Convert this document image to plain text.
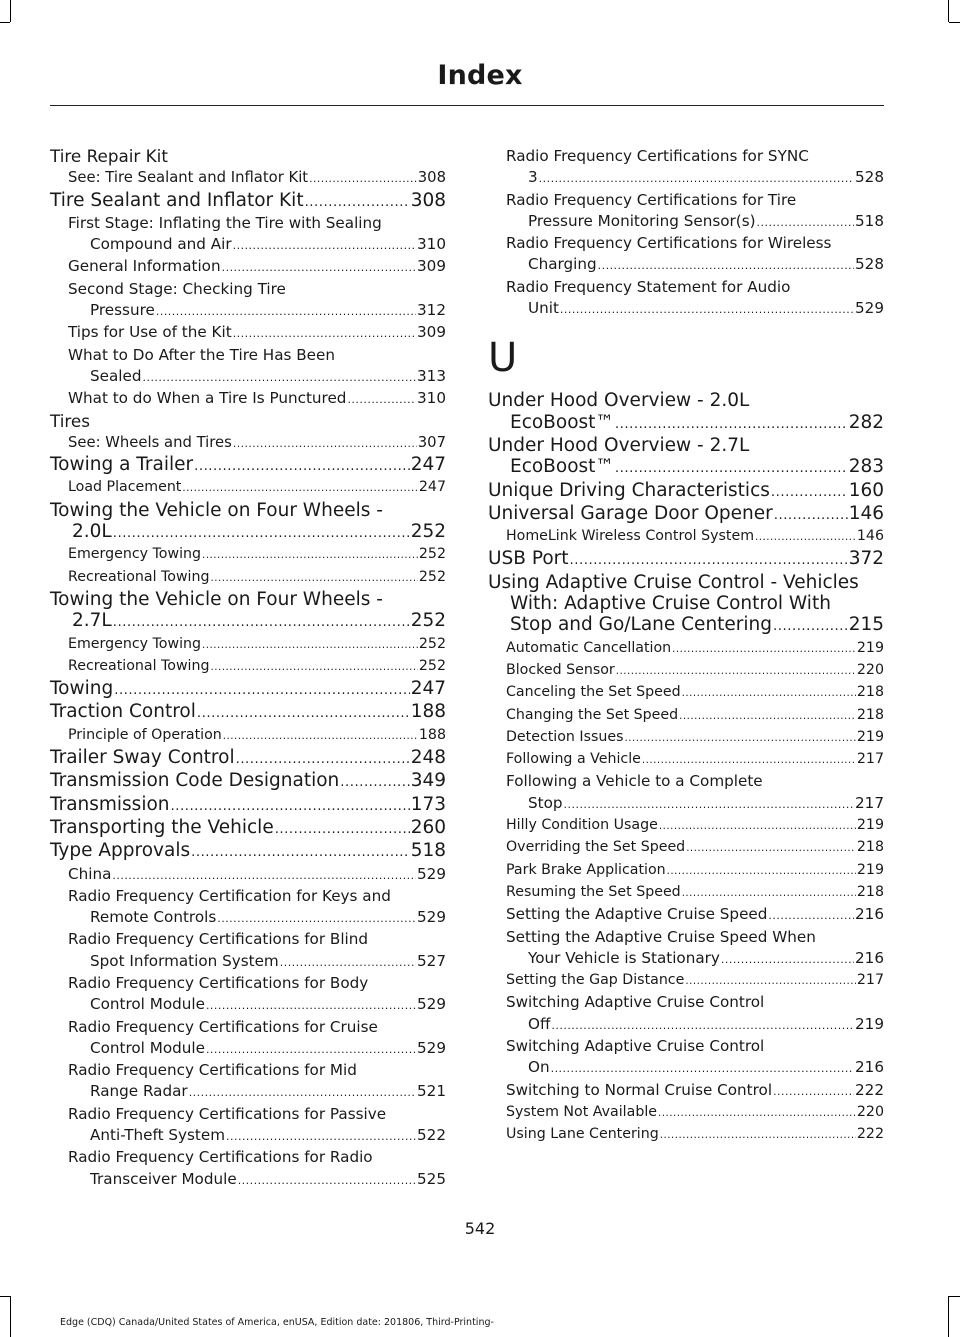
Index
Tire Repair Kit
See: Tire Sealant and Inflator Kit .....	308
Tire Sealant and Inflator Kit .....	308
First Stage: Inflating the Tire with Sealing
Compound and Air .....	310
General Information .....	309
Second Stage: Checking Tire
Pressure .....	312
Tips for Use of the Kit .....	309
What to Do After the Tire Has Been
Sealed .....	313
What to do When a Tire Is Punctured .....	310
Tires
See: Wheels and Tires .....	307
Towing a Trailer .....	247
Load Placement .....	247
Towing the Vehicle on Four Wheels -
2.0L .....	252
Emergency Towing .....	252
Recreational Towing .....	252
Towing the Vehicle on Four Wheels -
2.7L .....	252
Emergency Towing .....	252
Recreational Towing .....	252
Towing .....	247
Traction Control .....	188
Principle of Operation .....	188
Trailer Sway Control .....	248
Transmission Code Designation .....	349
Transmission .....	173
Transporting the Vehicle .....	260
Type Approvals .....	518
China .....	529
Radio Frequency Certification for Keys and
Remote Controls .....	529
Radio Frequency Certifications for Blind
Spot Information System .....	527
Radio Frequency Certifications for Body
Control Module .....	529
Radio Frequency Certifications for Cruise
Control Module .....	529
Radio Frequency Certifications for Mid
Range Radar .....	521
Radio Frequency Certifications for Passive
Anti-Theft System .....	522
Radio Frequency Certifications for Radio
Transceiver Module .....	525
Radio Frequency Certifications for SYNC
3 .....	528
Radio Frequency Certifications for Tire
Pressure Monitoring Sensor(s) .....	518
Radio Frequency Certifications for Wireless
Charging .....	528
Radio Frequency Statement for Audio
Unit .....	529
U
Under Hood Overview - 2.0L
EcoBoost™ .....	282
Under Hood Overview - 2.7L
EcoBoost™ .....	283
Unique Driving Characteristics .....	160
Universal Garage Door Opener .....	146
HomeLink Wireless Control System .....	146
USB Port .....	372
Using Adaptive Cruise Control - Vehicles
With: Adaptive Cruise Control With
Stop and Go/Lane Centering .....	215
Automatic Cancellation .....	219
Blocked Sensor .....	220
Canceling the Set Speed .....	218
Changing the Set Speed .....	218
Detection Issues .....	219
Following a Vehicle .....	217
Following a Vehicle to a Complete
Stop .....	217
Hilly Condition Usage .....	219
Overriding the Set Speed .....	218
Park Brake Application .....	219
Resuming the Set Speed .....	218
Setting the Adaptive Cruise Speed .....	216
Setting the Adaptive Cruise Speed When
Your Vehicle is Stationary .....	216
Setting the Gap Distance .....	217
Switching Adaptive Cruise Control
Off .....	219
Switching Adaptive Cruise Control
On .....	216
Switching to Normal Cruise Control .....	222
System Not Available .....	220
Using Lane Centering .....	222
542
Edge (CDQ) Canada/United States of America, enUSA, Edition date: 201806, Third-Printing-
